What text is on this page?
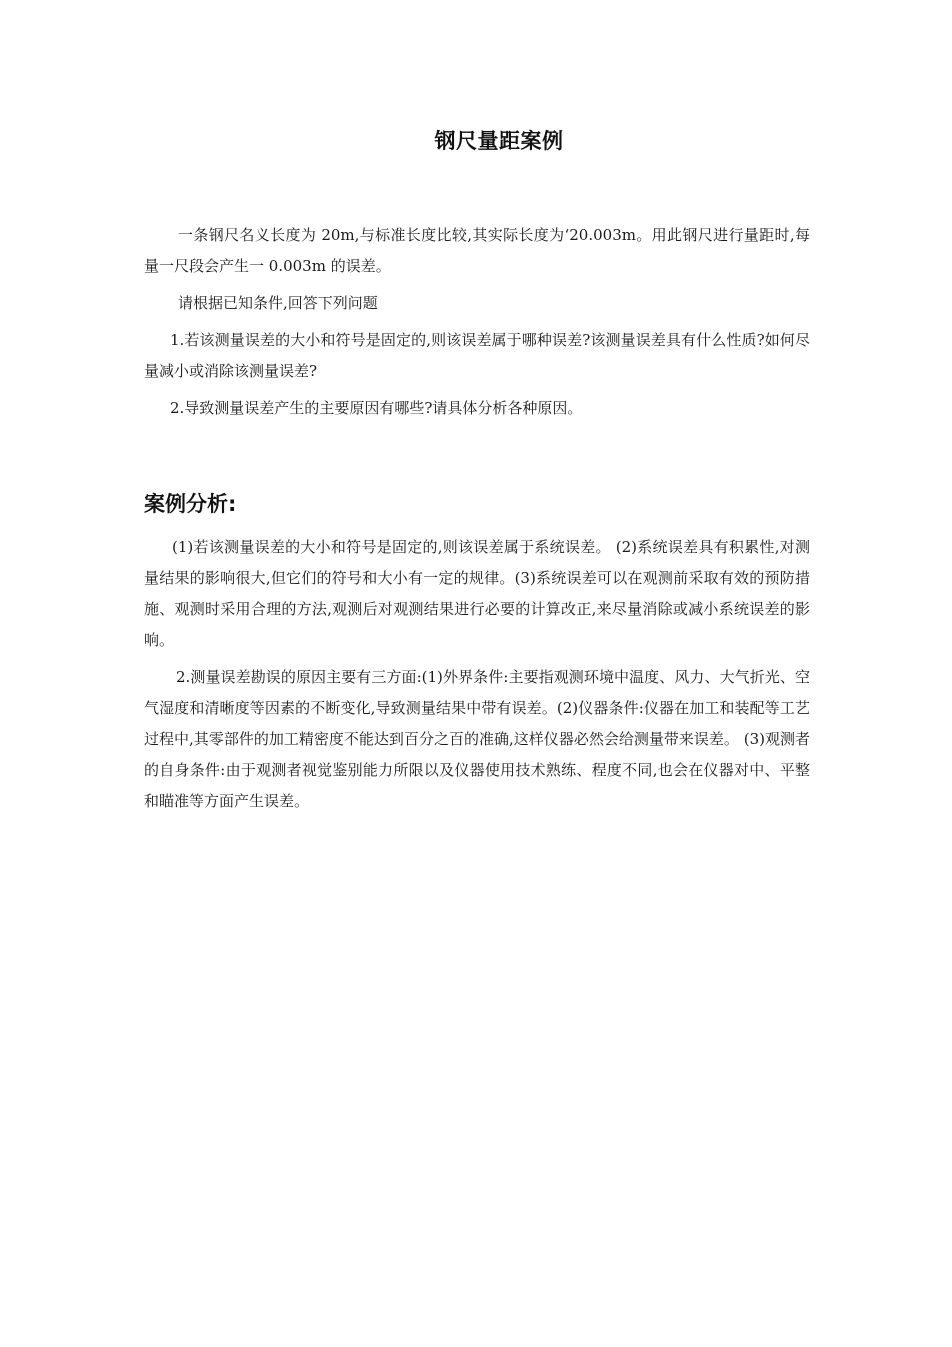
钢尺量距案例

一条钢尺名义长度为 20m,与标准长度比较,其实际长度为‘20.003m。用此钢尺进行量距时,每量一尺段会产生一 0.003m 的误差。

请根据已知条件,回答下列问题

1.若该测量误差的大小和符号是固定的,则该误差属于哪种误差?该测量误差具有什么性质?如何尽量减小或消除该测量误差?

2.导致测量误差产生的主要原因有哪些?请具体分析各种原因。

案例分析:

(1)若该测量误差的大小和符号是固定的,则该误差属于系统误差。 (2)系统误差具有积累性,对测量结果的影响很大,但它们的符号和大小有一定的规律。(3)系统误差可以在观测前采取有效的预防措施、观测时采用合理的方法,观测后对观测结果进行必要的计算改正,来尽量消除或减小系统误差的影响。

2.测量误差勘误的原因主要有三方面:(1)外界条件:主要指观测环境中温度、风力、大气折光、空气湿度和清晰度等因素的不断变化,导致测量结果中带有误差。(2)仪器条件:仪器在加工和装配等工艺过程中,其零部件的加工精密度不能达到百分之百的准确,这样仪器必然会给测量带来误差。 (3)观测者的自身条件:由于观测者视觉鉴别能力所限以及仪器使用技术熟练、程度不同,也会在仪器对中、平整和瞄准等方面产生误差。
